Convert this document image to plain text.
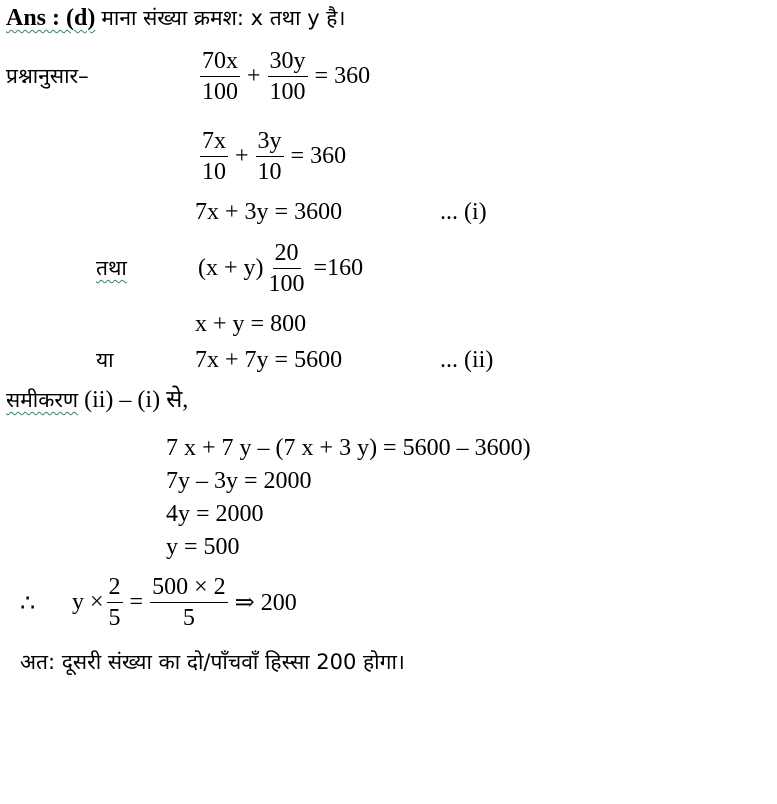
Ans : (d) माना संख्या क्रमश: x तथा y है।
प्रश्नानुसार–	$\frac{70x}{100} + \frac{30y}{100} = 360$
$\frac{7x}{10} + \frac{3y}{10} = 360$
7x + 3y = 3600	... (i)
तथा	$(x + y) \frac{20}{100} =160$
x + y = 800
या	7x + 7y = 5600	... (ii)
समीकरण (ii) – (i) से,
7 x + 7 y – (7 x + 3 y) = 5600 – 3600)
7y – 3y = 2000
4y = 2000
y = 500
∴ $y \times \frac{2}{5} = \frac{500 \times 2}{5}$ ⇒ 200
अत: दूसरी संख्या का दो/पाँचवाँ हिस्सा 200 होगा।
